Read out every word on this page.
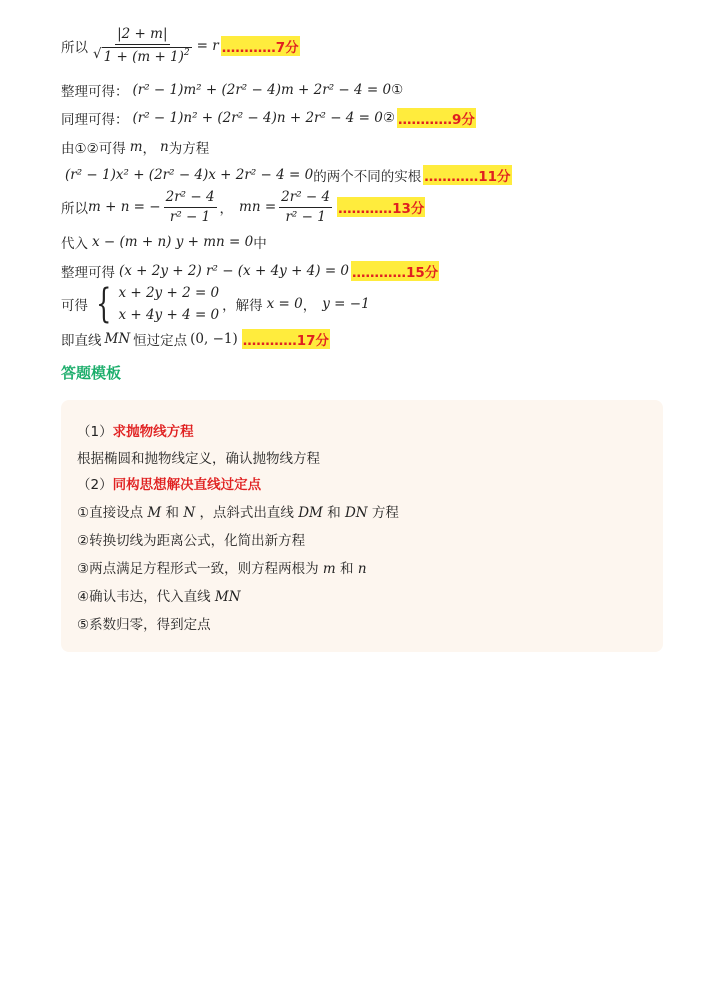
所以 $\frac{|2 + m|}{√ 1 + (m + 1)^2} = r$ …………7分
整理可得： (r² − 1)m² + (2r² − 4)m + 2r² − 4 = 0 ①
同理可得： (r² − 1)n² + (2r² − 4)n + 2r² − 4 = 0 ② …………9分
由①②可得 m ， n 为方程
(r² − 1)x² + (2r² − 4)x + 2r² − 4 = 0 的两个不同的实根 …………11分
所以 m + n = − $\frac{\text{2r² − 4}}{\text{r² − 1}}$ ， mn = $\frac{\text{2r² − 4}}{\text{r² − 1}}$ …………13分
代入 x − (m + n) y + mn = 0 中
整理可得 (x + 2y + 2) r² − (x + 4y + 4) = 0 …………15分
可得 { x + 2y + 2 = 0
x + 4y + 4 = 0
，解得 x = 0 ， y = −1
即直线 MN 恒过定点 (0, −1) …………17分
答题模板
（1）求抛物线方程
根据椭圆和抛物线定义，确认抛物线方程
（2）同构思想解决直线过定点
①直接设点 M 和 N ，点斜式出直线 DM 和 DN 方程
②转换切线为距离公式，化简出新方程
③两点满足方程形式一致，则方程两根为 m 和 n
④确认韦达，代入直线 MN
⑤系数归零，得到定点
